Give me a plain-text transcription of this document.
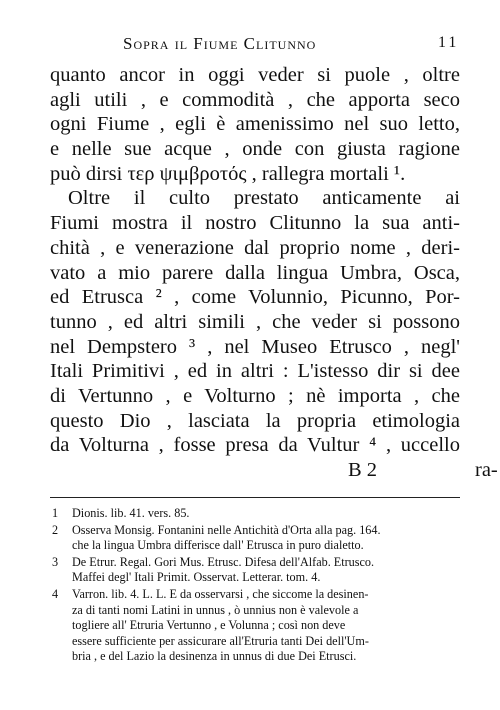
Sopra il Fiume Clitunno	11
quanto ancor in oggi veder si puole , oltre
agli utili , e commodità , che apporta seco
ogni Fiume , egli è amenissimo nel suo letto,
e nelle sue acque , onde con giusta ragione
può dirsi τερ ψιμβροτός , rallegra mortali ¹.
Oltre il culto prestato anticamente ai
Fiumi mostra il nostro Clitunno la sua anti-
chità , e venerazione dal proprio nome , deri-
vato a mio parere dalla lingua Umbra, Osca,
ed Etrusca ² , come Volunnio, Picunno, Por-
tunno , ed altri simili , che veder si possono
nel Dempstero ³ , nel Museo Etrusco , negl'
Itali Primitivi , ed in altri : L'istesso dir si dee
di Vertunno , e Volturno ; nè importa , che
questo Dio , lasciata la propria etimologia
da Volturna , fosse presa da Vultur ⁴ , uccello
B 2	ra-
1	Dionis. lib. 41. vers. 85.
2	Osserva Monsig. Fontanini nelle Antichità d'Orta alla pag. 164.
che la lingua Umbra differisce dall' Etrusca in puro dialetto.
3	De Etrur. Regal. Gori Mus. Etrusc. Difesa dell'Alfab. Etrusco.
Maffei degl' Itali Primit. Osservat. Letterar. tom. 4.
4	Varron. lib. 4. L. L. E da osservarsi , che siccome la desinen-
za di tanti nomi Latini in unnus , ò unnius non è valevole a
togliere all' Etruria Vertunno , e Volunna ; così non deve
essere sufficiente per assicurare all'Etruria tanti Dei dell'Um-
bria , e del Lazio la desinenza in unnus di due Dei Etrusci.
